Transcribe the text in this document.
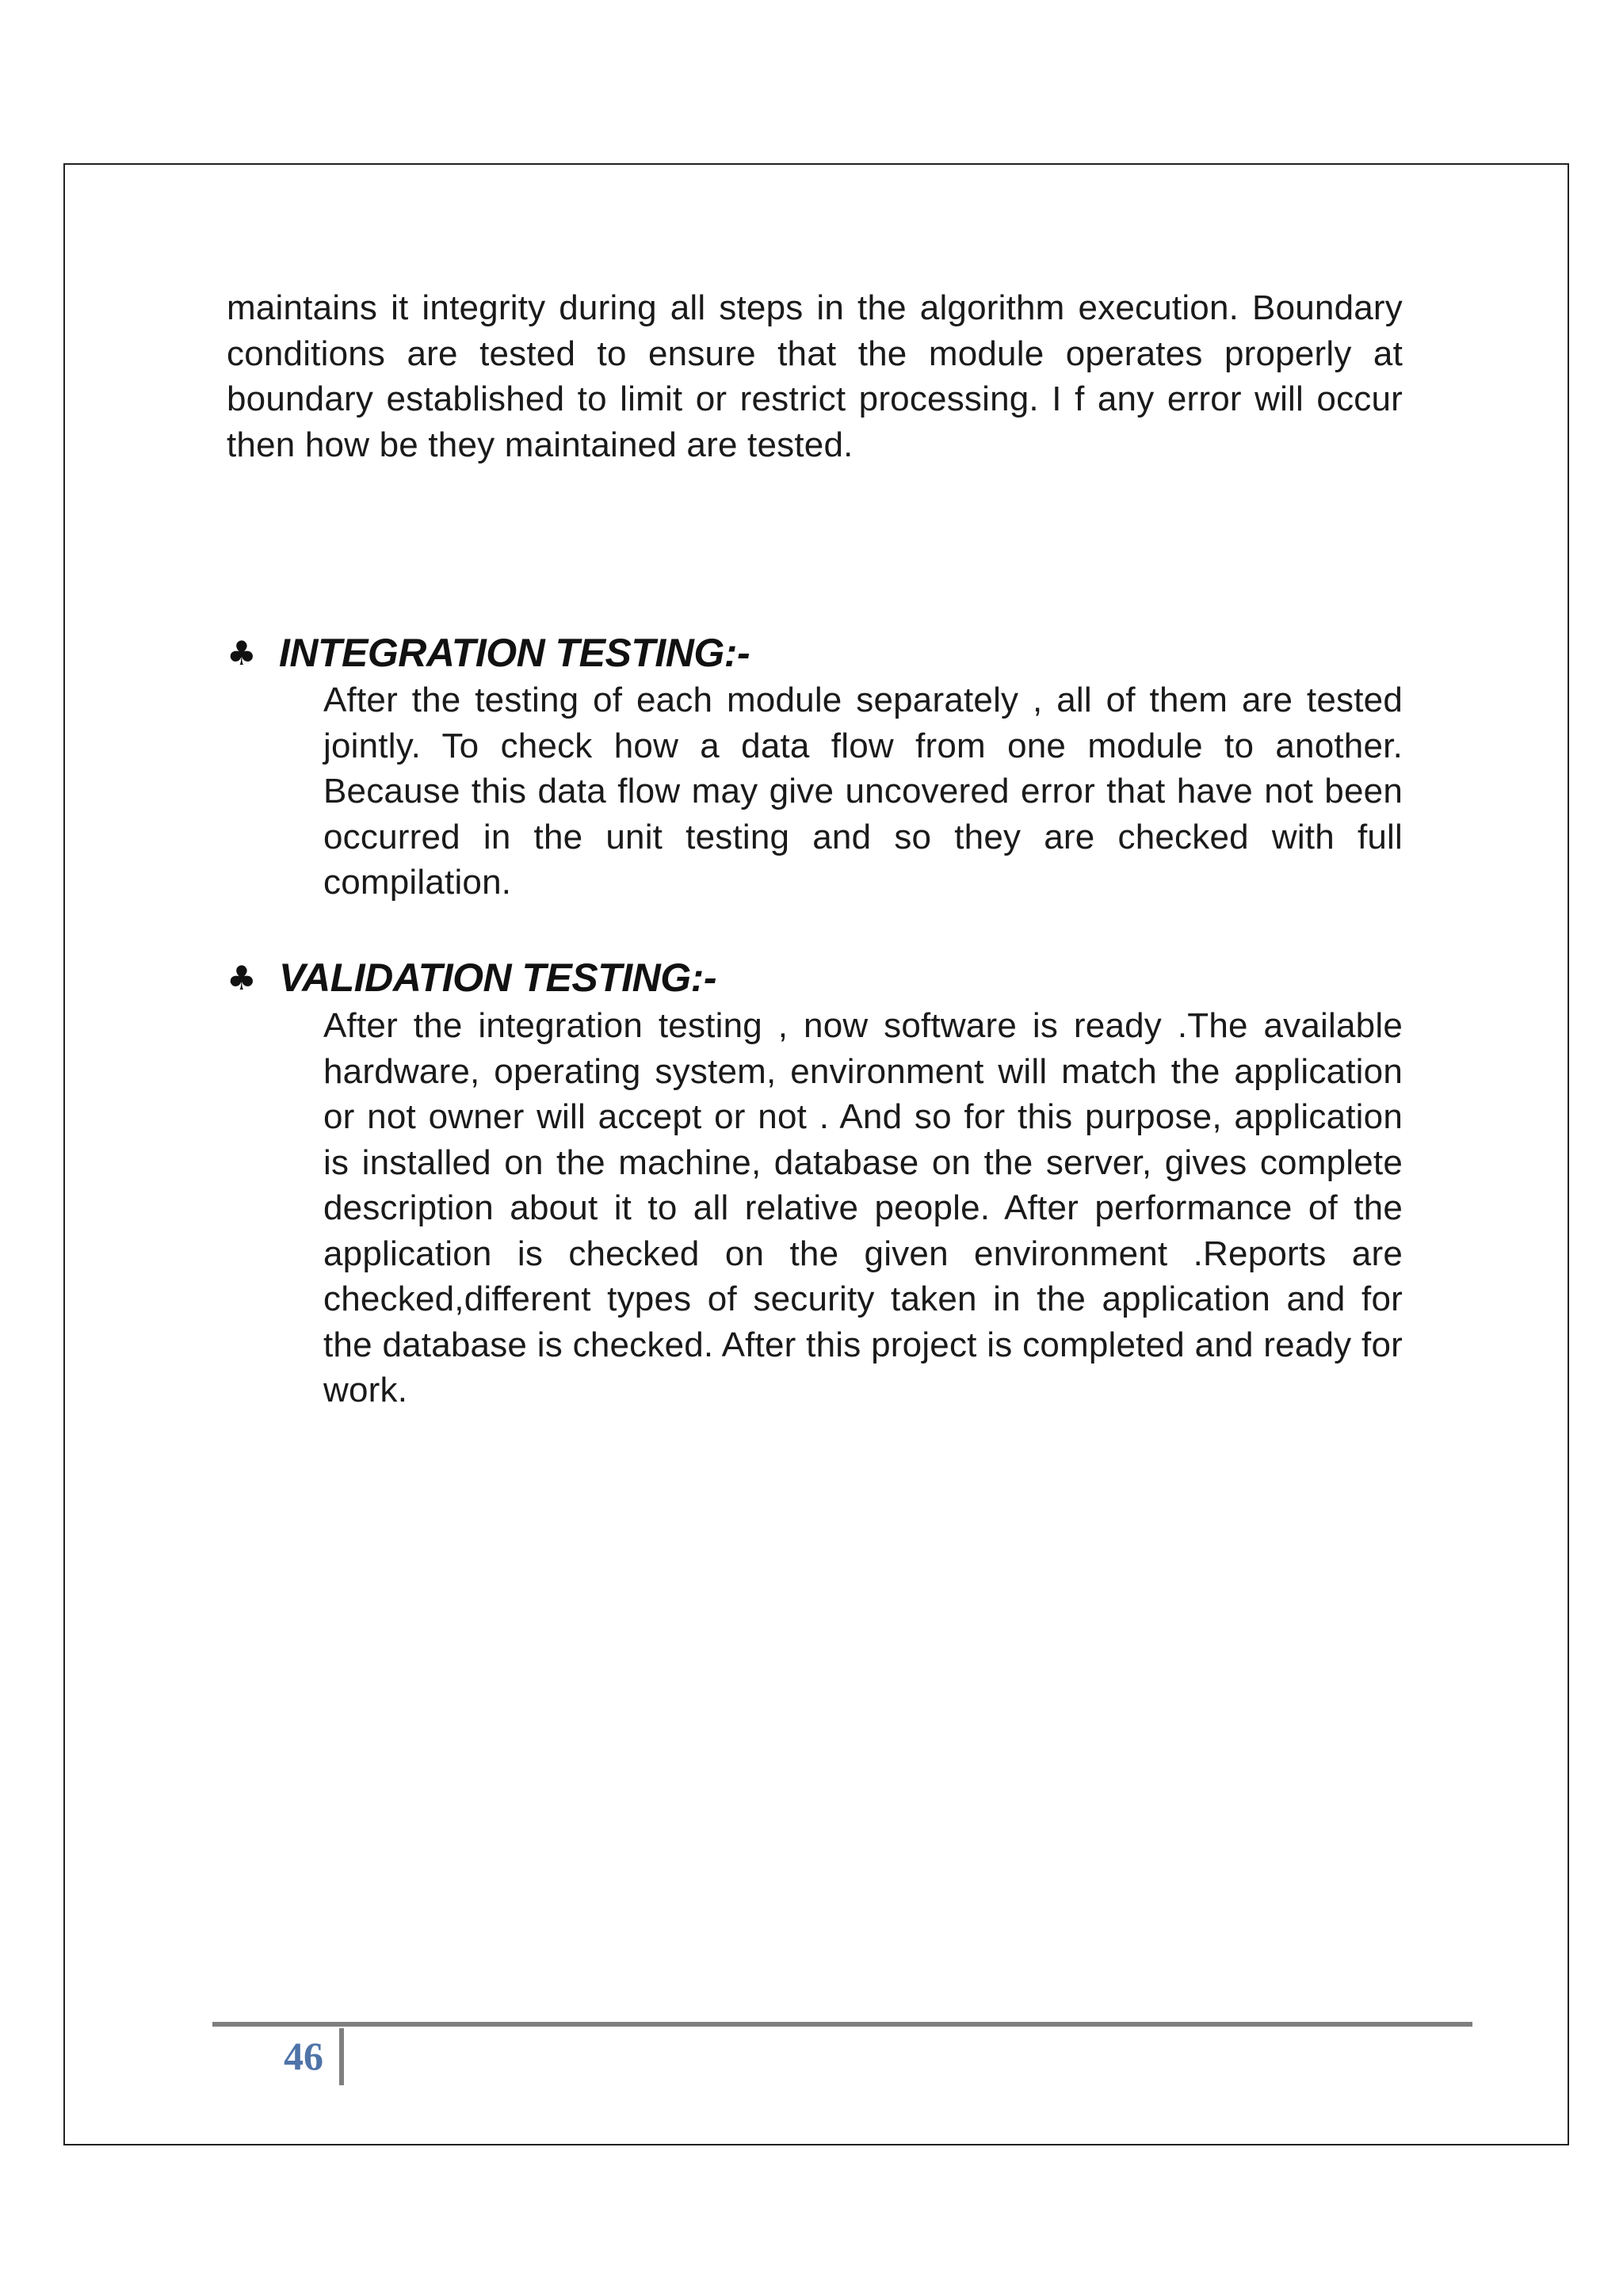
maintains it integrity during all steps in the algorithm execution. Boundary conditions are tested to ensure that the module operates properly at boundary established to limit or restrict processing. I f any error will occur then how be they maintained are tested.
♣ INTEGRATION TESTING:-
After the testing of each module separately , all of them are tested jointly. To check how a data flow from one module to another. Because this data flow may give uncovered error that have not been occurred in the unit testing and so they are checked with full compilation.
♣ VALIDATION TESTING:-
After the integration testing , now software is ready .The available hardware, operating system, environment will match the application or not owner will accept or not . And so for this purpose, application is installed on the machine, database on the server, gives complete description about it to all relative people. After performance of the application is checked on the given environment .Reports are checked,different types of security taken in the application and for the database is checked. After this project is completed and ready for work.
46
